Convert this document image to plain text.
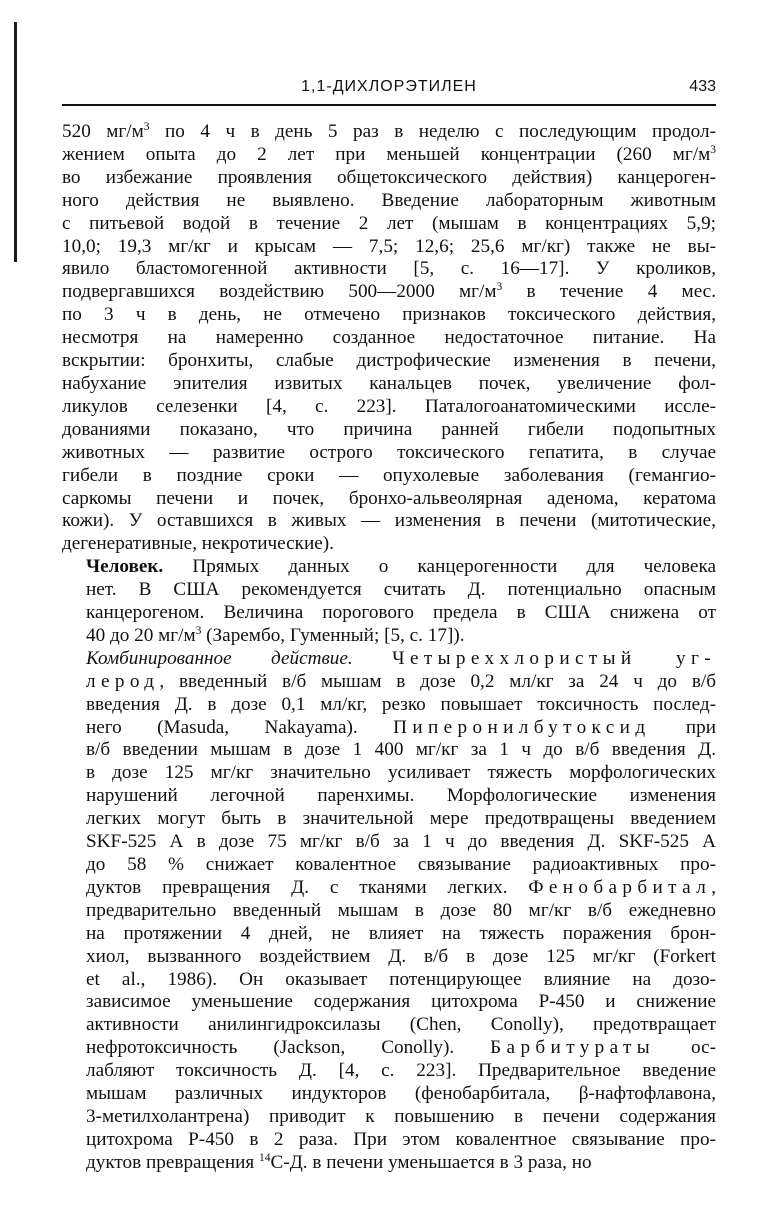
1,1-ДИХЛОРЭТИЛЕН	433

520 $мг/м^3$ по 4 ч в день 5 раз в неделю с последующим продол-
жением опыта до 2 лет при меньшей концентрации (260 $мг/м^3$
во избежание проявления общетоксического действия) канцероген-
ного действия не выявлено. Введение лабораторным животным
с питьевой водой в течение 2 лет (мышам в концентрациях 5,9;
10,0; 19,3 мг/кг и крысам — 7,5; 12,6; 25,6 мг/кг) также не вы-
явило бластомогенной активности [5, с. 16—17]. У кроликов,
подвергавшихся воздействию 500—2000 $мг/м^3$ в течение 4 мес.
по 3 ч в день, не отмечено признаков токсического действия,
несмотря на намеренно созданное недостаточное питание. На
вскрытии: бронхиты, слабые дистрофические изменения в печени,
набухание эпителия извитых канальцев почек, увеличение фол-
ликулов селезенки [4, с. 223]. Паталогоанатомическими иссле-
дованиями показано, что причина ранней гибели подопытных
животных — развитие острого токсического гепатита, в случае
гибели в поздние сроки — опухолевые заболевания (гемангио-
саркомы печени и почек, бронхо-альвеолярная аденома, кератома
кожи). У оставшихся в живых — изменения в печени (митотические,
дегенеративные, некротические).

Человек. Прямых данных о канцерогенности для человека
нет. В США рекомендуется считать Д. потенциально опасным
канцерогеном. Величина порогового предела в США снижена от
40 до 20 $мг/м^3$ (Зарембо, Гуменный; [5, с. 17]).

Комбинированное действие. Четыреххлористый уг-
лерод, введенный в/б мышам в дозе 0,2 мл/кг за 24 ч до в/б
введения Д. в дозе 0,1 мл/кг, резко повышает токсичность послед-
него (Masuda, Nakayama). Пиперонилбутоксид при
в/б введении мышам в дозе 1 400 мг/кг за 1 ч до в/б введения Д.
в дозе 125 мг/кг значительно усиливает тяжесть морфологических
нарушений легочной паренхимы. Морфологические изменения
легких могут быть в значительной мере предотвращены введением
SKF-525 А в дозе 75 мг/кг в/б за 1 ч до введения Д. SKF-525 А
до 58 % снижает ковалентное связывание радиоактивных про-
дуктов превращения Д. с тканями легких. Фенобарбитал,
предварительно введенный мышам в дозе 80 мг/кг в/б ежедневно
на протяжении 4 дней, не влияет на тяжесть поражения брон-
хиол, вызванного воздействием Д. в/б в дозе 125 мг/кг (Forkert
et al., 1986). Он оказывает потенцирующее влияние на дозо-
зависимое уменьшение содержания цитохрома Р-450 и снижение
активности анилингидроксилазы (Chen, Conolly), предотвращает
нефротоксичность (Jackson, Conolly). Барбитураты ос-
лабляют токсичность Д. [4, с. 223]. Предварительное введение
мышам различных индукторов (фенобарбитала, β-нафтофлавона,
3-метилхолантрена) приводит к повышению в печени содержания
цитохрома Р-450 в 2 раза. При этом ковалентное связывание про-
дуктов превращения $^{14}$С-Д. в печени уменьшается в 3 раза, но
